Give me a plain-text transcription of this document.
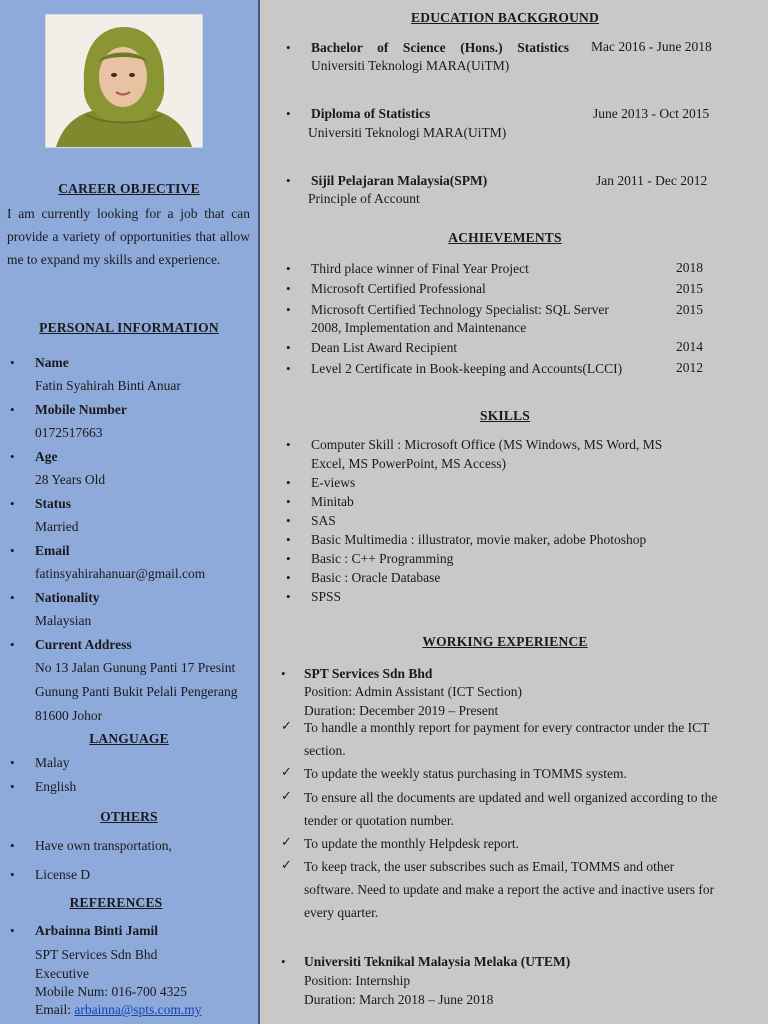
CAREER OBJECTIVE
I am currently looking for a job that can provide a variety of opportunities that allow me to expand my skills and experience.
PERSONAL INFORMATION
•
Name
Fatin Syahirah Binti Anuar
•
Mobile Number
0172517663
•
Age
28 Years Old
•
Status
Married
•
Email
fatinsyahirahanuar@gmail.com
•
Nationality
Malaysian
•
Current Address
No 13 Jalan Gunung Panti 17 Presint
Gunung Panti Bukit Pelali Pengerang
81600 Johor
LANGUAGE
•
Malay
•
English
OTHERS
•
Have own transportation,
•
License D
REFERENCES
•
Arbainna Binti Jamil
SPT Services Sdn Bhd
Executive
Mobile Num: 016-700 4325
Email: arbainna@spts.com.my
EDUCATION BACKGROUND
•
Bachelor of Science (Hons.) Statistics
Universiti Teknologi MARA(UiTM)
Mac 2016 - June 2018
•
Diploma of Statistics
Universiti Teknologi MARA(UiTM)
June 2013 - Oct 2015
•
Sijil Pelajaran Malaysia(SPM)
Principle of Account
Jan 2011 - Dec 2012
ACHIEVEMENTS
•
Third place winner of Final Year Project	2018
•
Microsoft Certified Professional	2015
•
Microsoft Certified Technology Specialist: SQL Server
2008, Implementation and Maintenance
2015
•
Dean List Award Recipient	2014
•
Level 2 Certificate in Book-keeping and Accounts(LCCI)	2012
SKILLS
•
Computer Skill : Microsoft Office (MS Windows, MS Word, MS
Excel, MS PowerPoint, MS Access)
•
E-views
•
Minitab
•
SAS
•
Basic Multimedia : illustrator, movie maker, adobe Photoshop
•
Basic : C++ Programming
•
Basic : Oracle Database
•
SPSS
WORKING EXPERIENCE
•
SPT Services Sdn Bhd
Position: Admin Assistant (ICT Section)
Duration: December 2019 – Present
✓ To handle a monthly report for payment for every contractor under the ICT
section.
✓ To update the weekly status purchasing in TOMMS system.
✓ To ensure all the documents are updated and well organized according to the
tender or quotation number.
✓ To update the monthly Helpdesk report.
✓ To keep track, the user subscribes such as Email, TOMMS and other
software. Need to update and make a report the active and inactive users for
every quarter.
•
Universiti Teknikal Malaysia Melaka (UTEM)
Position: Internship
Duration: March 2018 – June 2018
